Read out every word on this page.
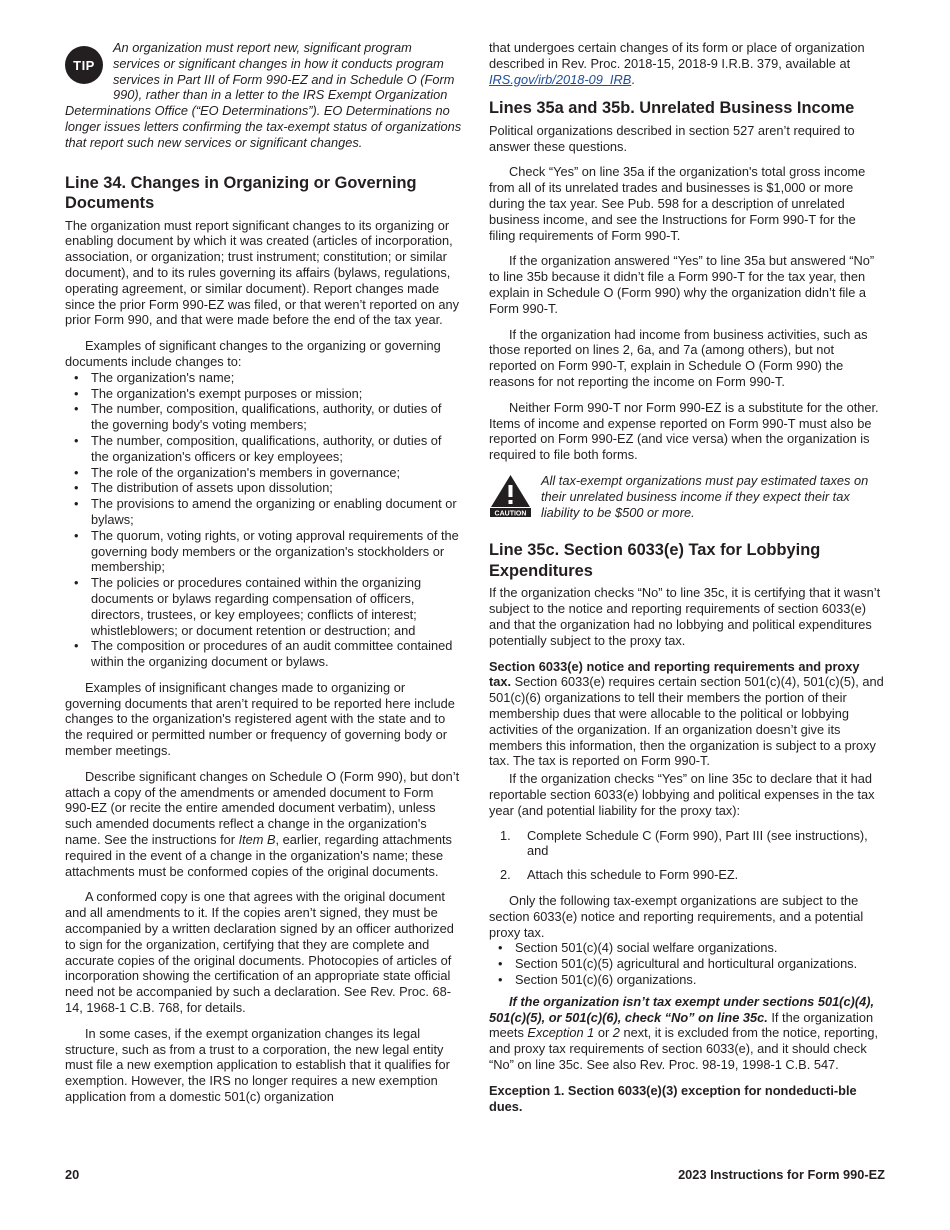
TIP

An organization must report new, significant program services or significant changes in how it conducts program services in Part III of Form 990-EZ and in Schedule O (Form 990), rather than in a letter to the IRS Exempt Organization Determinations Office (“EO Determinations”). EO Determinations no longer issues letters confirming the tax-exempt status of organizations that report such new services or significant changes.

Line 34. Changes in Organizing or Governing Documents

The organization must report significant changes to its organizing or enabling document by which it was created (articles of incorporation, association, or organization; trust instrument; constitution; or similar document), and to its rules governing its affairs (bylaws, regulations, operating agreement, or similar document). Report changes made since the prior Form 990-EZ was filed, or that weren’t reported on any prior Form 990, and that were made before the end of the tax year.

Examples of significant changes to the organizing or governing documents include changes to:

• The organization's name;
• The organization's exempt purposes or mission;
• The number, composition, qualifications, authority, or duties of the governing body's voting members;
• The number, composition, qualifications, authority, or duties of the organization's officers or key employees;
• The role of the organization's members in governance;
• The distribution of assets upon dissolution;
• The provisions to amend the organizing or enabling document or bylaws;
• The quorum, voting rights, or voting approval requirements of the governing body members or the organization's stockholders or membership;
• The policies or procedures contained within the organizing documents or bylaws regarding compensation of officers, directors, trustees, or key employees; conflicts of interest; whistleblowers; or document retention or destruction; and
• The composition or procedures of an audit committee contained within the organizing document or bylaws.

Examples of insignificant changes made to organizing or governing documents that aren’t required to be reported here include changes to the organization's registered agent with the state and to the required or permitted number or frequency of governing body or member meetings.

Describe significant changes on Schedule O (Form 990), but don’t attach a copy of the amendments or amended document to Form 990-EZ (or recite the entire amended document verbatim), unless such amended documents reflect a change in the organization's name. See the instructions for Item B, earlier, regarding attachments required in the event of a change in the organization's name; these attachments must be conformed copies of the original documents.

A conformed copy is one that agrees with the original document and all amendments to it. If the copies aren’t signed, they must be accompanied by a written declaration signed by an officer authorized to sign for the organization, certifying that they are complete and accurate copies of the original documents. Photocopies of articles of incorporation showing the certification of an appropriate state official need not be accompanied by such a declaration. See Rev. Proc. 68-14, 1968-1 C.B. 768, for details.

In some cases, if the exempt organization changes its legal structure, such as from a trust to a corporation, the new legal entity must file a new exemption application to establish that it qualifies for exemption. However, the IRS no longer requires a new exemption application from a domestic 501(c) organization

that undergoes certain changes of its form or place of organization described in Rev. Proc. 2018-15, 2018-9 I.R.B. 379, available at IRS.gov/irb/2018-09_IRB.

Lines 35a and 35b. Unrelated Business Income

Political organizations described in section 527 aren’t required to answer these questions.

Check “Yes” on line 35a if the organization's total gross income from all of its unrelated trades and businesses is $1,000 or more during the tax year. See Pub. 598 for a description of unrelated business income, and see the Instructions for Form 990-T for the filing requirements of Form 990-T.

If the organization answered “Yes” to line 35a but answered “No” to line 35b because it didn’t file a Form 990-T for the tax year, then explain in Schedule O (Form 990) why the organization didn’t file a Form 990-T.

If the organization had income from business activities, such as those reported on lines 2, 6a, and 7a (among others), but not reported on Form 990-T, explain in Schedule O (Form 990) the reasons for not reporting the income on Form 990-T.

Neither Form 990-T nor Form 990-EZ is a substitute for the other. Items of income and expense reported on Form 990-T must also be reported on Form 990-EZ (and vice versa) when the organization is required to file both forms.

CAUTION

All tax-exempt organizations must pay estimated taxes on their unrelated business income if they expect their tax liability to be $500 or more.

Line 35c. Section 6033(e) Tax for Lobbying Expenditures

If the organization checks “No” to line 35c, it is certifying that it wasn’t subject to the notice and reporting requirements of section 6033(e) and that the organization had no lobbying and political expenditures potentially subject to the proxy tax.

Section 6033(e) notice and reporting requirements and proxy tax. Section 6033(e) requires certain section 501(c)(4), 501(c)(5), and 501(c)(6) organizations to tell their members the portion of their membership dues that were allocable to the political or lobbying activities of the organization. If an organization doesn’t give its members this information, then the organization is subject to a proxy tax. The tax is reported on Form 990-T.

If the organization checks “Yes” on line 35c to declare that it had reportable section 6033(e) lobbying and political expenses in the tax year (and potential liability for the proxy tax):

1. Complete Schedule C (Form 990), Part III (see instructions), and
2. Attach this schedule to Form 990-EZ.

Only the following tax-exempt organizations are subject to the section 6033(e) notice and reporting requirements, and a potential proxy tax.

• Section 501(c)(4) social welfare organizations.
• Section 501(c)(5) agricultural and horticultural organizations.
• Section 501(c)(6) organizations.

If the organization isn’t tax exempt under sections 501(c)(4), 501(c)(5), or 501(c)(6), check “No” on line 35c. If the organization meets Exception 1 or 2 next, it is excluded from the notice, reporting, and proxy tax requirements of section 6033(e), and it should check “No” on line 35c. See also Rev. Proc. 98-19, 1998-1 C.B. 547.

Exception 1. Section 6033(e)(3) exception for nondeducti-ble dues.

20	2023 Instructions for Form 990-EZ
